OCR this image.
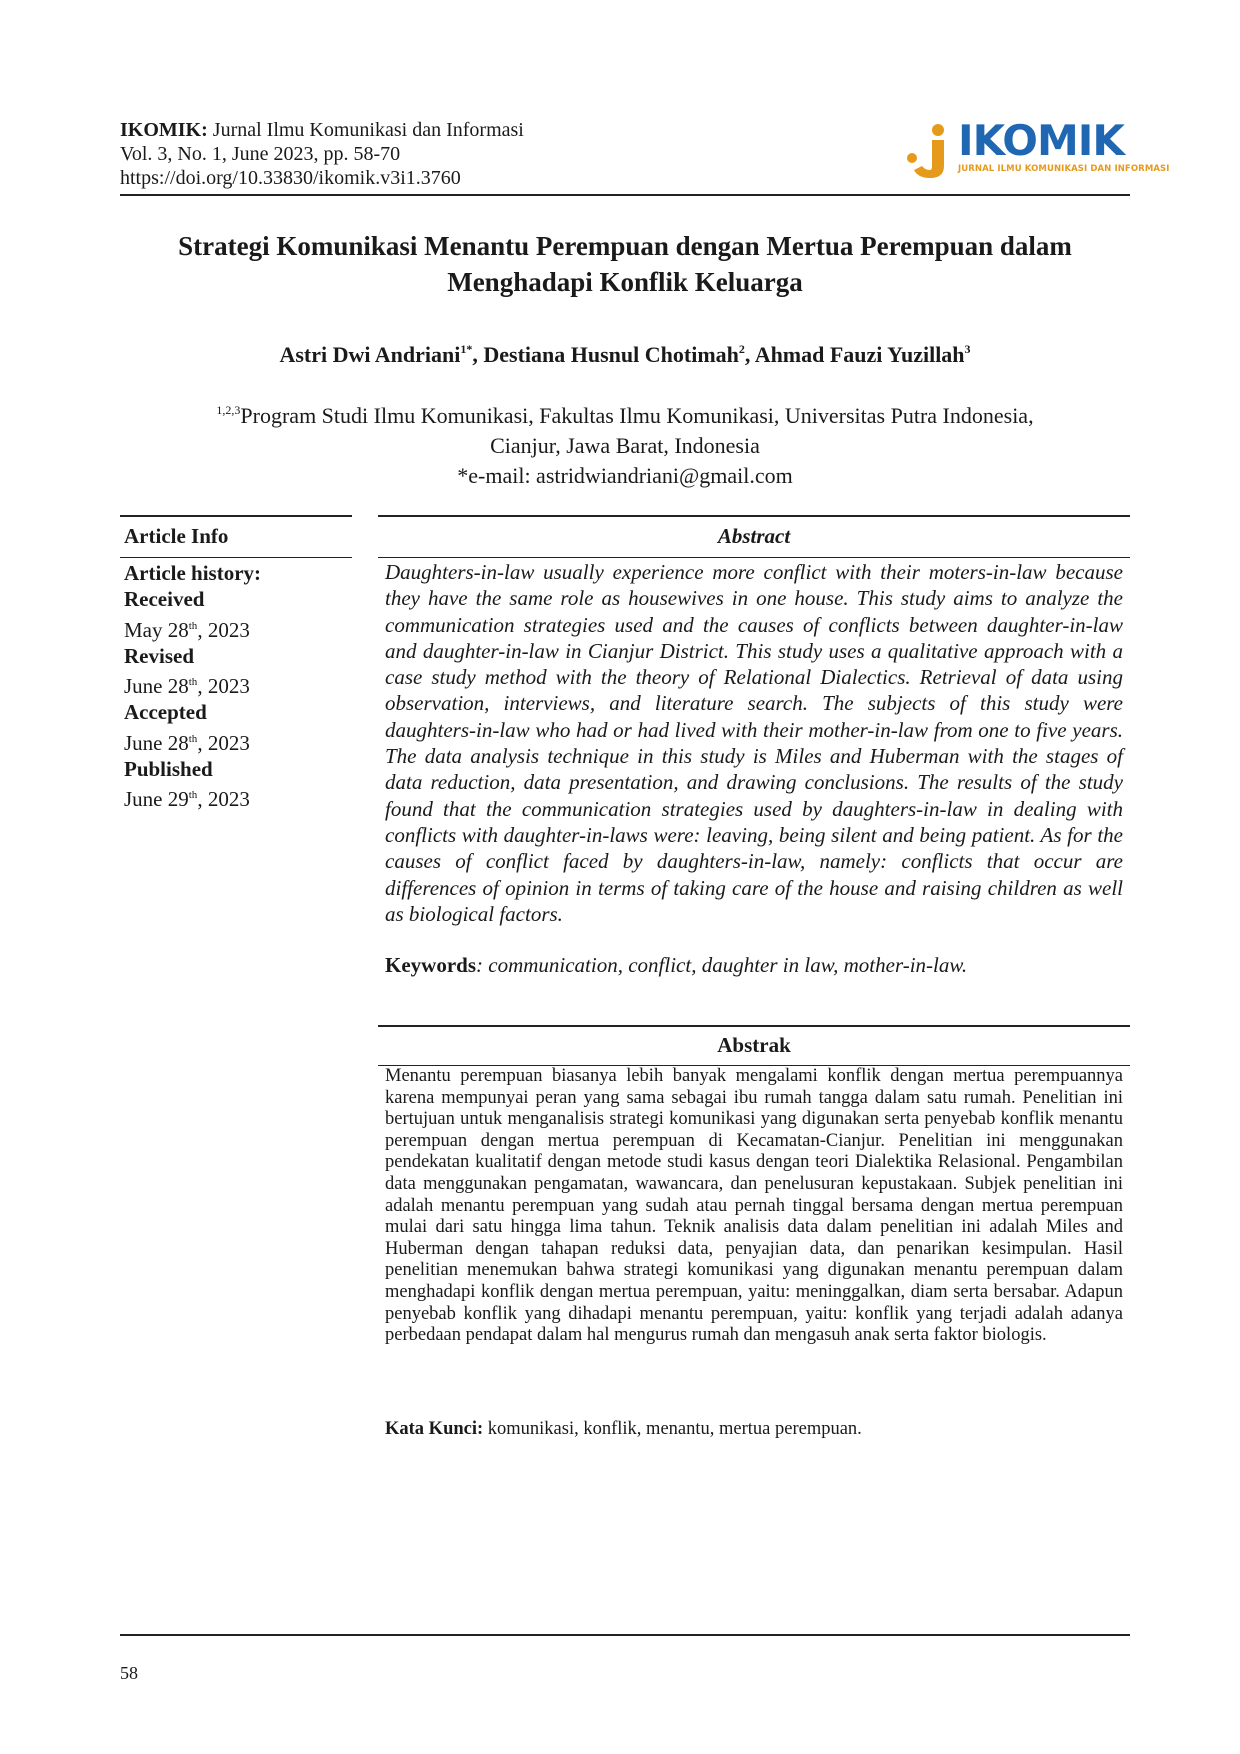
IKOMIK: Jurnal Ilmu Komunikasi dan Informasi
Vol. 3, No. 1, June 2023, pp. 58-70
https://doi.org/10.33830/ikomik.v3i1.3760
IKOMIK
JURNAL ILMU KOMUNIKASI DAN INFORMASI
Strategi Komunikasi Menantu Perempuan dengan Mertua Perempuan dalam
Menghadapi Konflik Keluarga
Astri Dwi Andriani$^{1*}$, Destiana Husnul Chotimah$^2$, Ahmad Fauzi Yuzillah$^3$
$^{1,2,3}$Program Studi Ilmu Komunikasi, Fakultas Ilmu Komunikasi, Universitas Putra Indonesia,
Cianjur, Jawa Barat, Indonesia
*e-mail: astridwiandriani@gmail.com
Article Info
Article history:
Received
May 28th, 2023
Revised
June 28th, 2023
Accepted
June 28th, 2023
Published
June 29th, 2023
Abstract
Daughters-in-law usually experience more conflict with their moters-in-law because they have the same role as housewives in one house. This study aims to analyze the communication strategies used and the causes of conflicts between daughter-in-law and daughter-in-law in Cianjur District. This study uses a qualitative approach with a case study method with the theory of Relational Dialectics. Retrieval of data using observation, interviews, and literature search. The subjects of this study were daughters-in-law who had or had lived with their mother-in-law from one to five years. The data analysis technique in this study is Miles and Huberman with the stages of data reduction, data presentation, and drawing conclusions. The results of the study found that the communication strategies used by daughters-in-law in dealing with conflicts with daughter-in-laws were: leaving, being silent and being patient. As for the causes of conflict faced by daughters-in-law, namely: conflicts that occur are differences of opinion in terms of taking care of the house and raising children as well as biological factors.
Keywords: communication, conflict, daughter in law, mother-in-law.
Abstrak
Menantu perempuan biasanya lebih banyak mengalami konflik dengan mertua perempuannya karena mempunyai peran yang sama sebagai ibu rumah tangga dalam satu rumah. Penelitian ini bertujuan untuk menganalisis strategi komunikasi yang digunakan serta penyebab konflik menantu perempuan dengan mertua perempuan di Kecamatan-Cianjur. Penelitian ini menggunakan pendekatan kualitatif dengan metode studi kasus dengan teori Dialektika Relasional. Pengambilan data menggunakan pengamatan, wawancara, dan penelusuran kepustakaan. Subjek penelitian ini adalah menantu perempuan yang sudah atau pernah tinggal bersama dengan mertua perempuan mulai dari satu hingga lima tahun. Teknik analisis data dalam penelitian ini adalah Miles and Huberman dengan tahapan reduksi data, penyajian data, dan penarikan kesimpulan. Hasil penelitian menemukan bahwa strategi komunikasi yang digunakan menantu perempuan dalam menghadapi konflik dengan mertua perempuan, yaitu: meninggalkan, diam serta bersabar. Adapun penyebab konflik yang dihadapi menantu perempuan, yaitu: konflik yang terjadi adalah adanya perbedaan pendapat dalam hal mengurus rumah dan mengasuh anak serta faktor biologis.
Kata Kunci: komunikasi, konflik, menantu, mertua perempuan.
58
